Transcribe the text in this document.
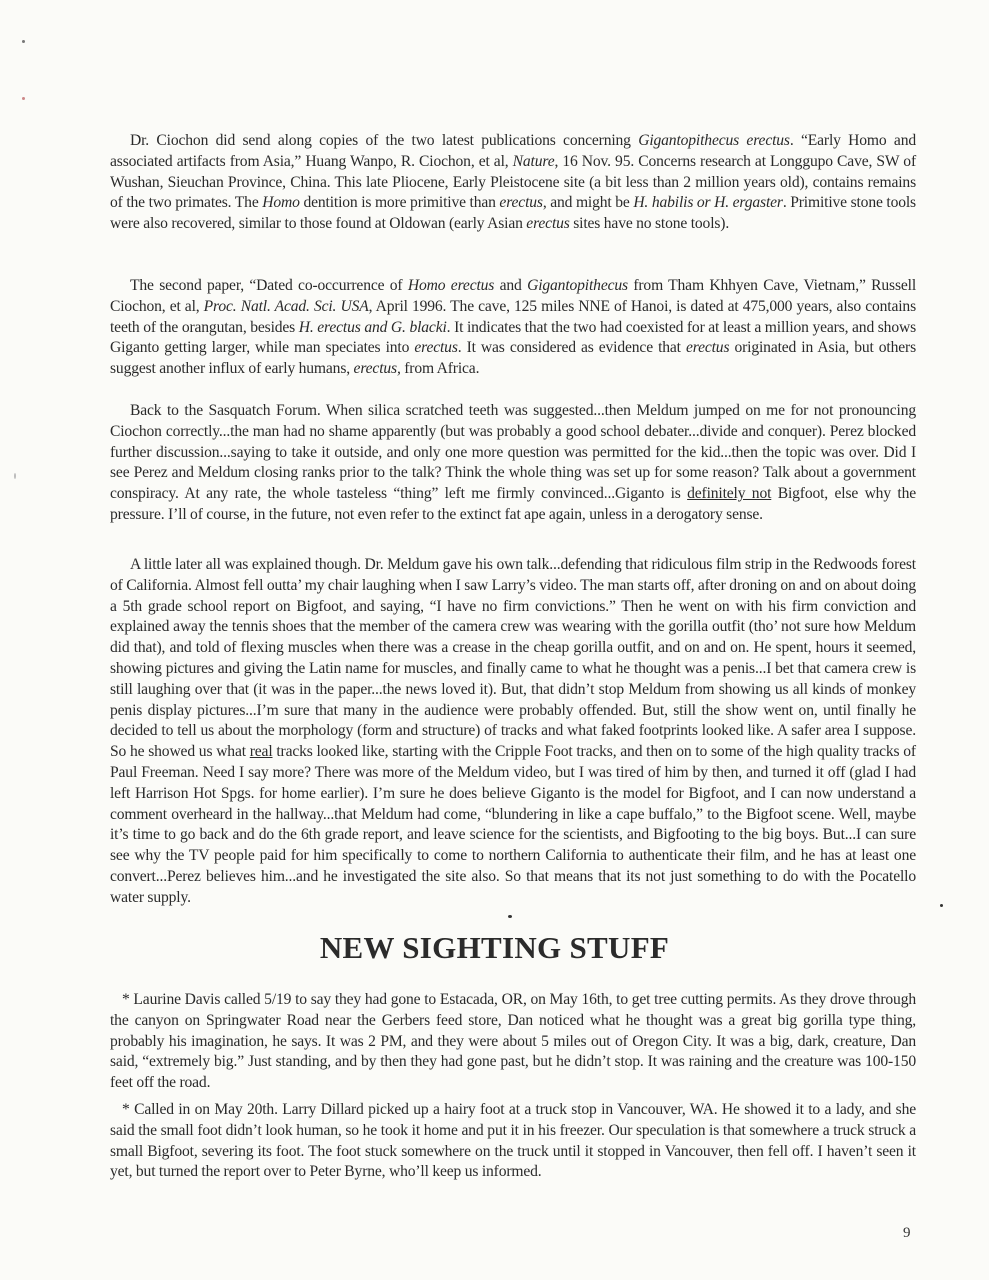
Dr. Ciochon did send along copies of the two latest publications concerning Gigantopithecus erectus. “Early Homo and associated artifacts from Asia,” Huang Wanpo, R. Ciochon, et al, Nature, 16 Nov. 95. Concerns research at Longgupo Cave, SW of Wushan, Sieuchan Province, China. This late Pliocene, Early Pleistocene site (a bit less than 2 million years old), contains remains of the two primates. The Homo dentition is more primitive than erectus, and might be H. habilis or H. ergaster. Primitive stone tools were also recovered, similar to those found at Oldowan (early Asian erectus sites have no stone tools).

The second paper, “Dated co-occurrence of Homo erectus and Gigantopithecus from Tham Khhyen Cave, Vietnam,” Russell Ciochon, et al, Proc. Natl. Acad. Sci. USA, April 1996. The cave, 125 miles NNE of Hanoi, is dated at 475,000 years, also contains teeth of the orangutan, besides H. erectus and G. blacki. It indicates that the two had coexisted for at least a million years, and shows Giganto getting larger, while man speciates into erectus. It was considered as evidence that erectus originated in Asia, but others suggest another influx of early humans, erectus, from Africa.

Back to the Sasquatch Forum. When silica scratched teeth was suggested...then Meldum jumped on me for not pronouncing Ciochon correctly...the man had no shame apparently (but was probably a good school debater...divide and conquer). Perez blocked further discussion...saying to take it outside, and only one more question was permitted for the kid...then the topic was over. Did I see Perez and Meldum closing ranks prior to the talk? Think the whole thing was set up for some reason? Talk about a government conspiracy. At any rate, the whole tasteless “thing” left me firmly convinced...Giganto is definitely not Bigfoot, else why the pressure. I’ll of course, in the future, not even refer to the extinct fat ape again, unless in a derogatory sense.

A little later all was explained though. Dr. Meldum gave his own talk...defending that ridiculous film strip in the Redwoods forest of California. Almost fell outta’ my chair laughing when I saw Larry’s video. The man starts off, after droning on and on about doing a 5th grade school report on Bigfoot, and saying, “I have no firm convictions.” Then he went on with his firm conviction and explained away the tennis shoes that the member of the camera crew was wearing with the gorilla outfit (tho’ not sure how Meldum did that), and told of flexing muscles when there was a crease in the cheap gorilla outfit, and on and on. He spent, hours it seemed, showing pictures and giving the Latin name for muscles, and finally came to what he thought was a penis...I bet that camera crew is still laughing over that (it was in the paper...the news loved it). But, that didn’t stop Meldum from showing us all kinds of monkey penis display pictures...I’m sure that many in the audience were probably offended. But, still the show went on, until finally he decided to tell us about the morphology (form and structure) of tracks and what faked footprints looked like. A safer area I suppose. So he showed us what real tracks looked like, starting with the Cripple Foot tracks, and then on to some of the high quality tracks of Paul Freeman. Need I say more? There was more of the Meldum video, but I was tired of him by then, and turned it off (glad I had left Harrison Hot Spgs. for home earlier). I’m sure he does believe Giganto is the model for Bigfoot, and I can now understand a comment overheard in the hallway...that Meldum had come, “blundering in like a cape buffalo,” to the Bigfoot scene. Well, maybe it’s time to go back and do the 6th grade report, and leave science for the scientists, and Bigfooting to the big boys. But...I can sure see why the TV people paid for him specifically to come to northern California to authenticate their film, and he has at least one convert...Perez believes him...and he investigated the site also. So that means that its not just something to do with the Pocatello water supply.

NEW SIGHTING STUFF

* Laurine Davis called 5/19 to say they had gone to Estacada, OR, on May 16th, to get tree cutting permits. As they drove through the canyon on Springwater Road near the Gerbers feed store, Dan noticed what he thought was a great big gorilla type thing, probably his imagination, he says. It was 2 PM, and they were about 5 miles out of Oregon City. It was a big, dark, creature, Dan said, “extremely big.” Just standing, and by then they had gone past, but he didn’t stop. It was raining and the creature was 100-150 feet off the road.

* Called in on May 20th. Larry Dillard picked up a hairy foot at a truck stop in Vancouver, WA. He showed it to a lady, and she said the small foot didn’t look human, so he took it home and put it in his freezer. Our speculation is that somewhere a truck struck a small Bigfoot, severing its foot. The foot stuck somewhere on the truck until it stopped in Vancouver, then fell off. I haven’t seen it yet, but turned the report over to Peter Byrne, who’ll keep us informed.

9
